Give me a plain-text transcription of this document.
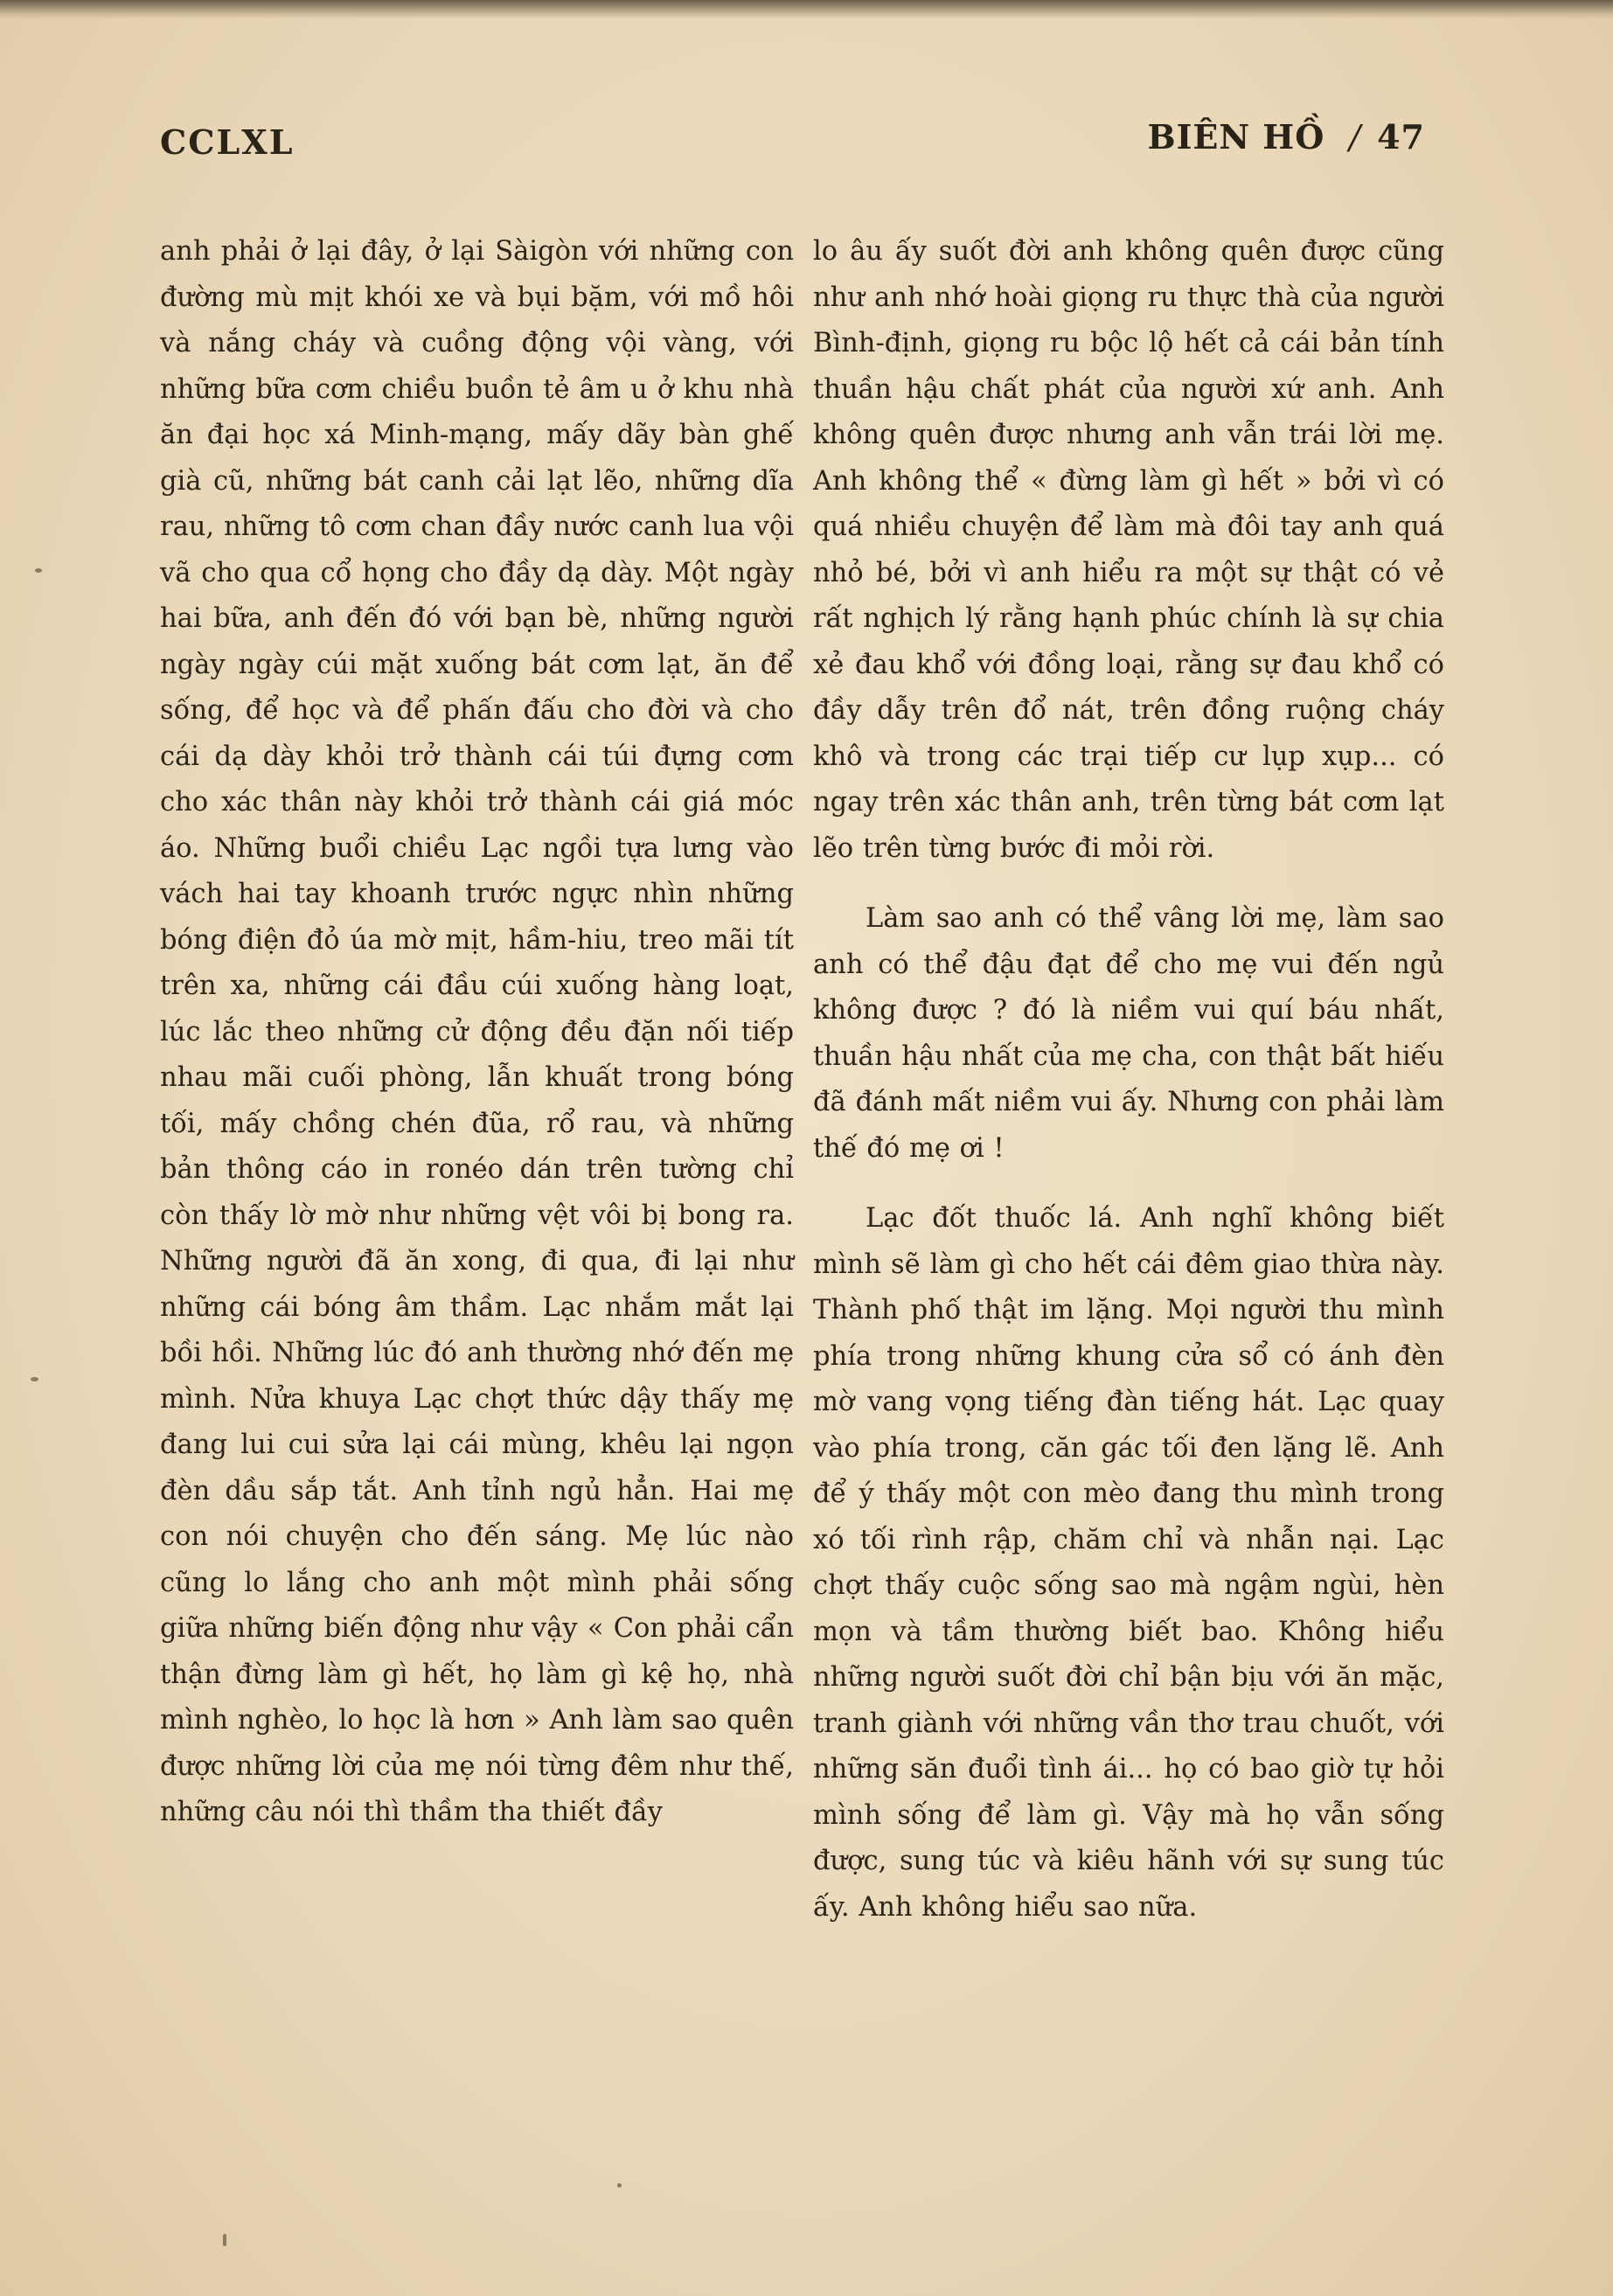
CCLXL	BIÊN HỒ / 47

anh phải ở lại đây, ở lại Sàigòn với những con đường mù mịt khói xe và bụi bặm, với mồ hôi và nắng cháy và cuồng động vội vàng, với những bữa cơm chiều buồn tẻ âm u ở khu nhà ăn đại học xá Minh-mạng, mấy dãy bàn ghế già cũ, những bát canh cải lạt lẽo, những dĩa rau, những tô cơm chan đầy nước canh lua vội vã cho qua cổ họng cho đầy dạ dày. Một ngày hai bữa, anh đến đó với bạn bè, những người ngày ngày cúi mặt xuống bát cơm lạt, ăn để sống, để học và để phấn đấu cho đời và cho cái dạ dày khỏi trở thành cái túi đựng cơm cho xác thân này khỏi trở thành cái giá móc áo. Những buổi chiều Lạc ngồi tựa lưng vào vách hai tay khoanh trước ngực nhìn những bóng điện đỏ úa mờ mịt, hầm-hiu, treo mãi tít trên xa, những cái đầu cúi xuống hàng loạt, lúc lắc theo những cử động đều đặn nối tiếp nhau mãi cuối phòng, lẫn khuất trong bóng tối, mấy chồng chén đũa, rổ rau, và những bản thông cáo in ronéo dán trên tường chỉ còn thấy lờ mờ như những vệt vôi bị bong ra. Những người đã ăn xong, đi qua, đi lại như những cái bóng âm thầm. Lạc nhắm mắt lại bồi hồi. Những lúc đó anh thường nhớ đến mẹ mình. Nửa khuya Lạc chợt thức dậy thấy mẹ đang lui cui sửa lại cái mùng, khêu lại ngọn đèn dầu sắp tắt. Anh tỉnh ngủ hẳn. Hai mẹ con nói chuyện cho đến sáng. Mẹ lúc nào cũng lo lắng cho anh một mình phải sống giữa những biến động như vậy « Con phải cẩn thận đừng làm gì hết, họ làm gì kệ họ, nhà mình nghèo, lo học là hơn » Anh làm sao quên được những lời của mẹ nói từng đêm như thế, những câu nói thì thầm tha thiết đầy

lo âu ấy suốt đời anh không quên được cũng như anh nhớ hoài giọng ru thực thà của người Bình-định, giọng ru bộc lộ hết cả cái bản tính thuần hậu chất phát của người xứ anh. Anh không quên được nhưng anh vẫn trái lời mẹ. Anh không thể « đừng làm gì hết » bởi vì có quá nhiều chuyện để làm mà đôi tay anh quá nhỏ bé, bởi vì anh hiểu ra một sự thật có vẻ rất nghịch lý rằng hạnh phúc chính là sự chia xẻ đau khổ với đồng loại, rằng sự đau khổ có đầy dẫy trên đổ nát, trên đồng ruộng cháy khô và trong các trại tiếp cư lụp xụp... có ngay trên xác thân anh, trên từng bát cơm lạt lẽo trên từng bước đi mỏi rời.

Làm sao anh có thể vâng lời mẹ, làm sao anh có thể đậu đạt để cho mẹ vui đến ngủ không được ? đó là niềm vui quí báu nhất, thuần hậu nhất của mẹ cha, con thật bất hiếu đã đánh mất niềm vui ấy. Nhưng con phải làm thế đó mẹ ơi !

Lạc đốt thuốc lá. Anh nghĩ không biết mình sẽ làm gì cho hết cái đêm giao thừa này. Thành phố thật im lặng. Mọi người thu mình phía trong những khung cửa sổ có ánh đèn mờ vang vọng tiếng đàn tiếng hát. Lạc quay vào phía trong, căn gác tối đen lặng lẽ. Anh để ý thấy một con mèo đang thu mình trong xó tối rình rập, chăm chỉ và nhẫn nại. Lạc chợt thấy cuộc sống sao mà ngậm ngùi, hèn mọn và tầm thường biết bao. Không hiểu những người suốt đời chỉ bận bịu với ăn mặc, tranh giành với những vần thơ trau chuốt, với những săn đuổi tình ái... họ có bao giờ tự hỏi mình sống để làm gì. Vậy mà họ vẫn sống được, sung túc và kiêu hãnh với sự sung túc ấy. Anh không hiểu sao nữa.
